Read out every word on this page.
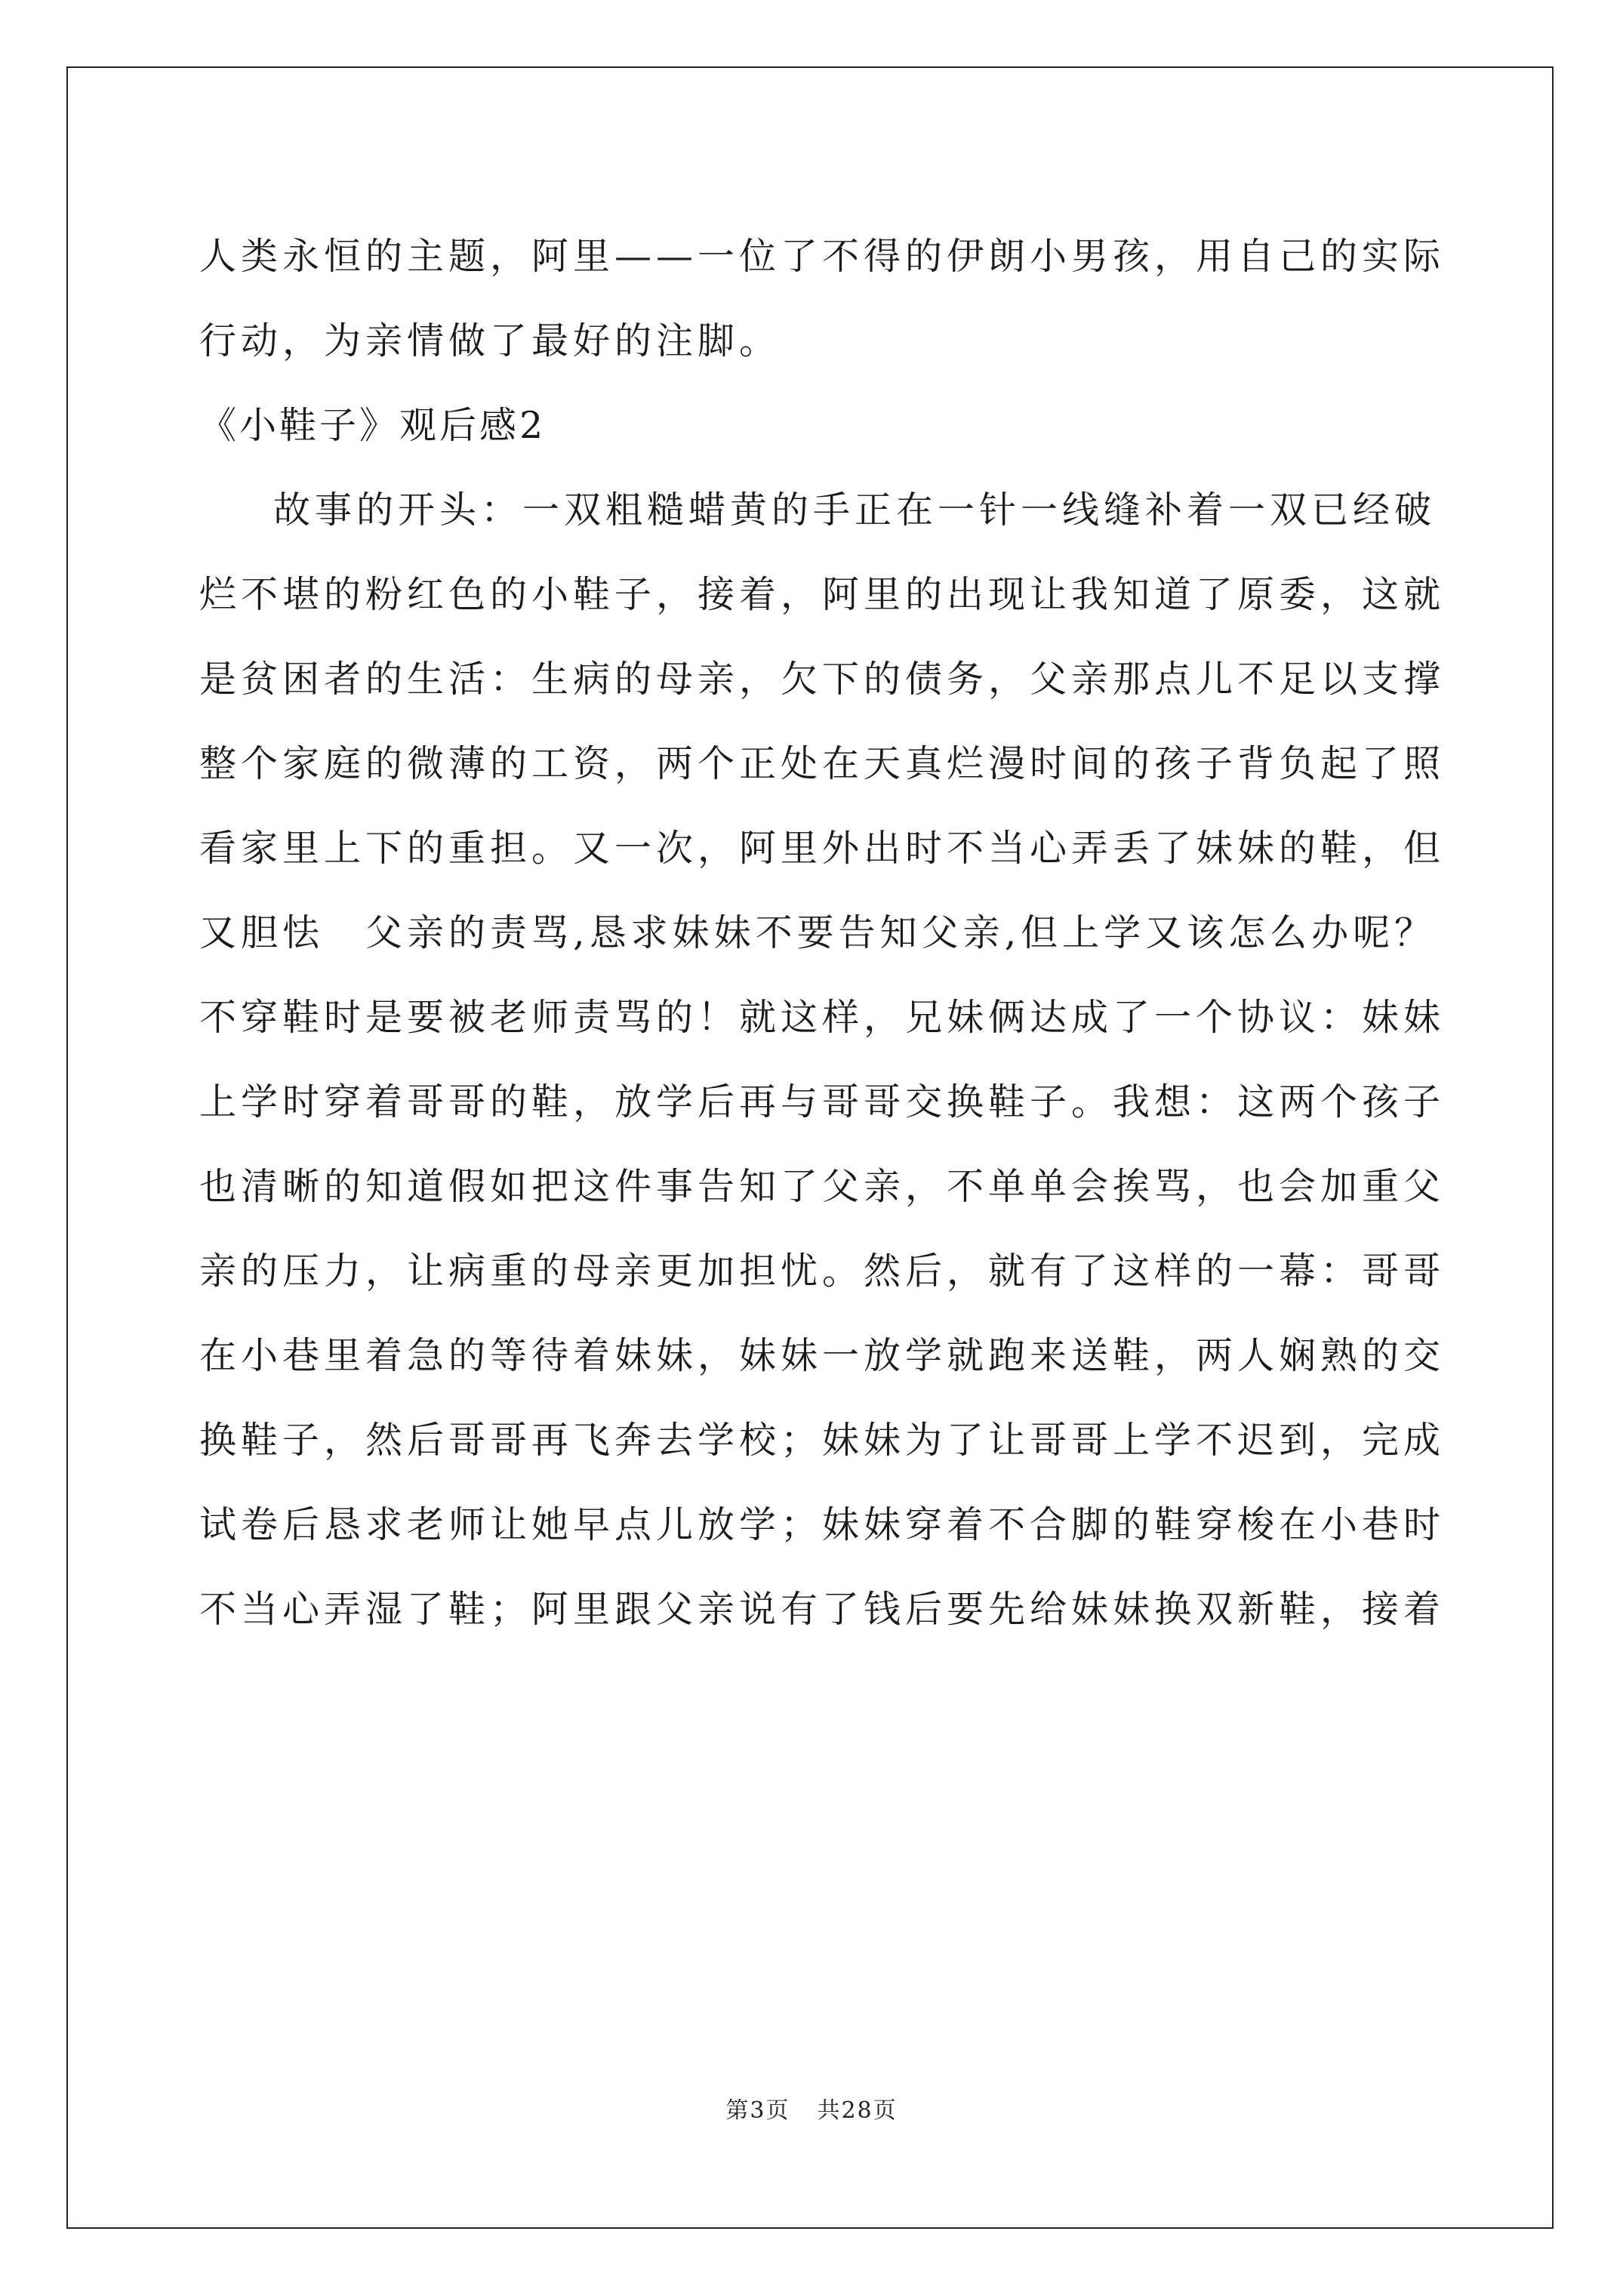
人类永恒的主题，阿里——一位了不得的伊朗小男孩，用自己的实际
行动，为亲情做了最好的注脚。
《小鞋子》观后感2
故事的开头：一双粗糙蜡黄的手正在一针一线缝补着一双已经破
烂不堪的粉红色的小鞋子，接着，阿里的出现让我知道了原委，这就
是贫困者的生活：生病的母亲，欠下的债务，父亲那点儿不足以支撑
整个家庭的微薄的工资，两个正处在天真烂漫时间的孩子背负起了照
看家里上下的重担。又一次，阿里外出时不当心弄丢了妹妹的鞋，但
又胆怯　父亲的责骂,恳求妹妹不要告知父亲,但上学又该怎么办呢？
不穿鞋时是要被老师责骂的！就这样，兄妹俩达成了一个协议：妹妹
上学时穿着哥哥的鞋，放学后再与哥哥交换鞋子。我想：这两个孩子
也清晰的知道假如把这件事告知了父亲，不单单会挨骂，也会加重父
亲的压力，让病重的母亲更加担忧。然后，就有了这样的一幕：哥哥
在小巷里着急的等待着妹妹，妹妹一放学就跑来送鞋，两人娴熟的交
换鞋子，然后哥哥再飞奔去学校；妹妹为了让哥哥上学不迟到，完成
试卷后恳求老师让她早点儿放学；妹妹穿着不合脚的鞋穿梭在小巷时
不当心弄湿了鞋；阿里跟父亲说有了钱后要先给妹妹换双新鞋，接着
第3页 共28页
